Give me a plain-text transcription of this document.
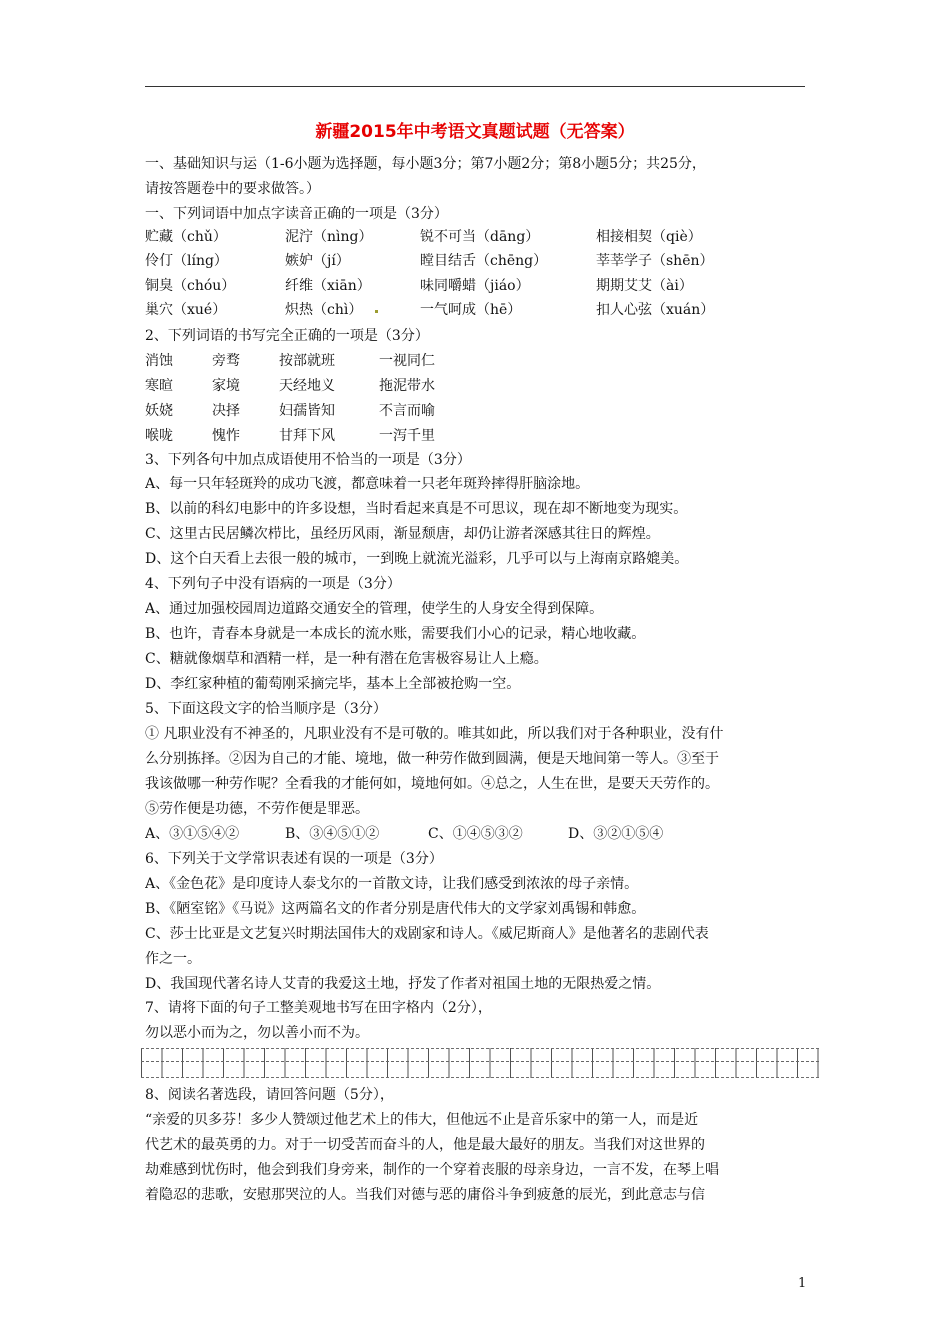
新疆2015年中考语文真题试题（无答案）
一、基础知识与运（1-6小题为选择题，每小题3分；第7小题2分；第8小题5分；共25分，
请按答题卷中的要求做答。）
一、下列词语中加点字读音正确的一项是（3分）
贮藏（chǔ）	泥泞（nìng）	锐不可当（dāng）	相接相契（qiè）
伶仃（líng）	嫉妒（jí）	瞠目结舌（chēng）	莘莘学子（shēn）
铜臭（chóu）	纤维（xiān）	味同嚼蜡（jiáo）	期期艾艾（ài）
巢穴（xué）	炽热（chì）	一气呵成（hē）	扣人心弦（xuán）
2、下列词语的书写完全正确的一项是（3分）
消蚀	旁骛	按部就班	一视同仁
寒暄	家境	天经地义	拖泥带水
妖娆	决择	妇孺皆知	不言而喻
喉咙	愧怍	甘拜下风	一泻千里
3、下列各句中加点成语使用不恰当的一项是（3分）
A、每一只年轻斑羚的成功飞渡，都意味着一只老年斑羚摔得肝脑涂地。
B、以前的科幻电影中的许多设想，当时看起来真是不可思议，现在却不断地变为现实。
C、这里古民居鳞次栉比，虽经历风雨，渐显颓唐，却仍让游者深感其往日的辉煌。
D、这个白天看上去很一般的城市，一到晚上就流光溢彩，几乎可以与上海南京路媲美。
4、下列句子中没有语病的一项是（3分）
A、通过加强校园周边道路交通安全的管理，使学生的人身安全得到保障。
B、也许，青春本身就是一本成长的流水账，需要我们小心的记录，精心地收藏。
C、糖就像烟草和酒精一样，是一种有潜在危害极容易让人上瘾。
D、李红家种植的葡萄刚采摘完毕，基本上全部被抢购一空。
5、下面这段文字的恰当顺序是（3分）
① 凡职业没有不神圣的，凡职业没有不是可敬的。唯其如此，所以我们对于各种职业，没有什
么分别拣择。②因为自己的才能、境地，做一种劳作做到圆满，便是天地间第一等人。③至于
我该做哪一种劳作呢？全看我的才能何如，境地何如。④总之，人生在世，是要天天劳作的。
⑤劳作便是功德，不劳作便是罪恶。
A、③①⑤④②	B、③④⑤①②	C、①④⑤③②	D、③②①⑤④
6、下列关于文学常识表述有误的一项是（3分）
A、《金色花》是印度诗人泰戈尔的一首散文诗，让我们感受到浓浓的母子亲情。
B、《陋室铭》《马说》这两篇名文的作者分别是唐代伟大的文学家刘禹锡和韩愈。
C、莎士比亚是文艺复兴时期法国伟大的戏剧家和诗人。《威尼斯商人》是他著名的悲剧代表
作之一。
D、我国现代著名诗人艾青的我爱这土地，抒发了作者对祖国土地的无限热爱之情。
7、请将下面的句子工整美观地书写在田字格内（2分），
勿以恶小而为之，勿以善小而不为。
8、阅读名著选段，请回答问题（5分），
“亲爱的贝多芬！多少人赞颂过他艺术上的伟大，但他远不止是音乐家中的第一人，而是近
代艺术的最英勇的力。对于一切受苦而奋斗的人，他是最大最好的朋友。当我们对这世界的
劫难感到忧伤时，他会到我们身旁来，制作的一个穿着丧服的母亲身边，一言不发，在琴上唱
着隐忍的悲歌，安慰那哭泣的人。当我们对德与恶的庸俗斗争到疲惫的辰光，到此意志与信
1
